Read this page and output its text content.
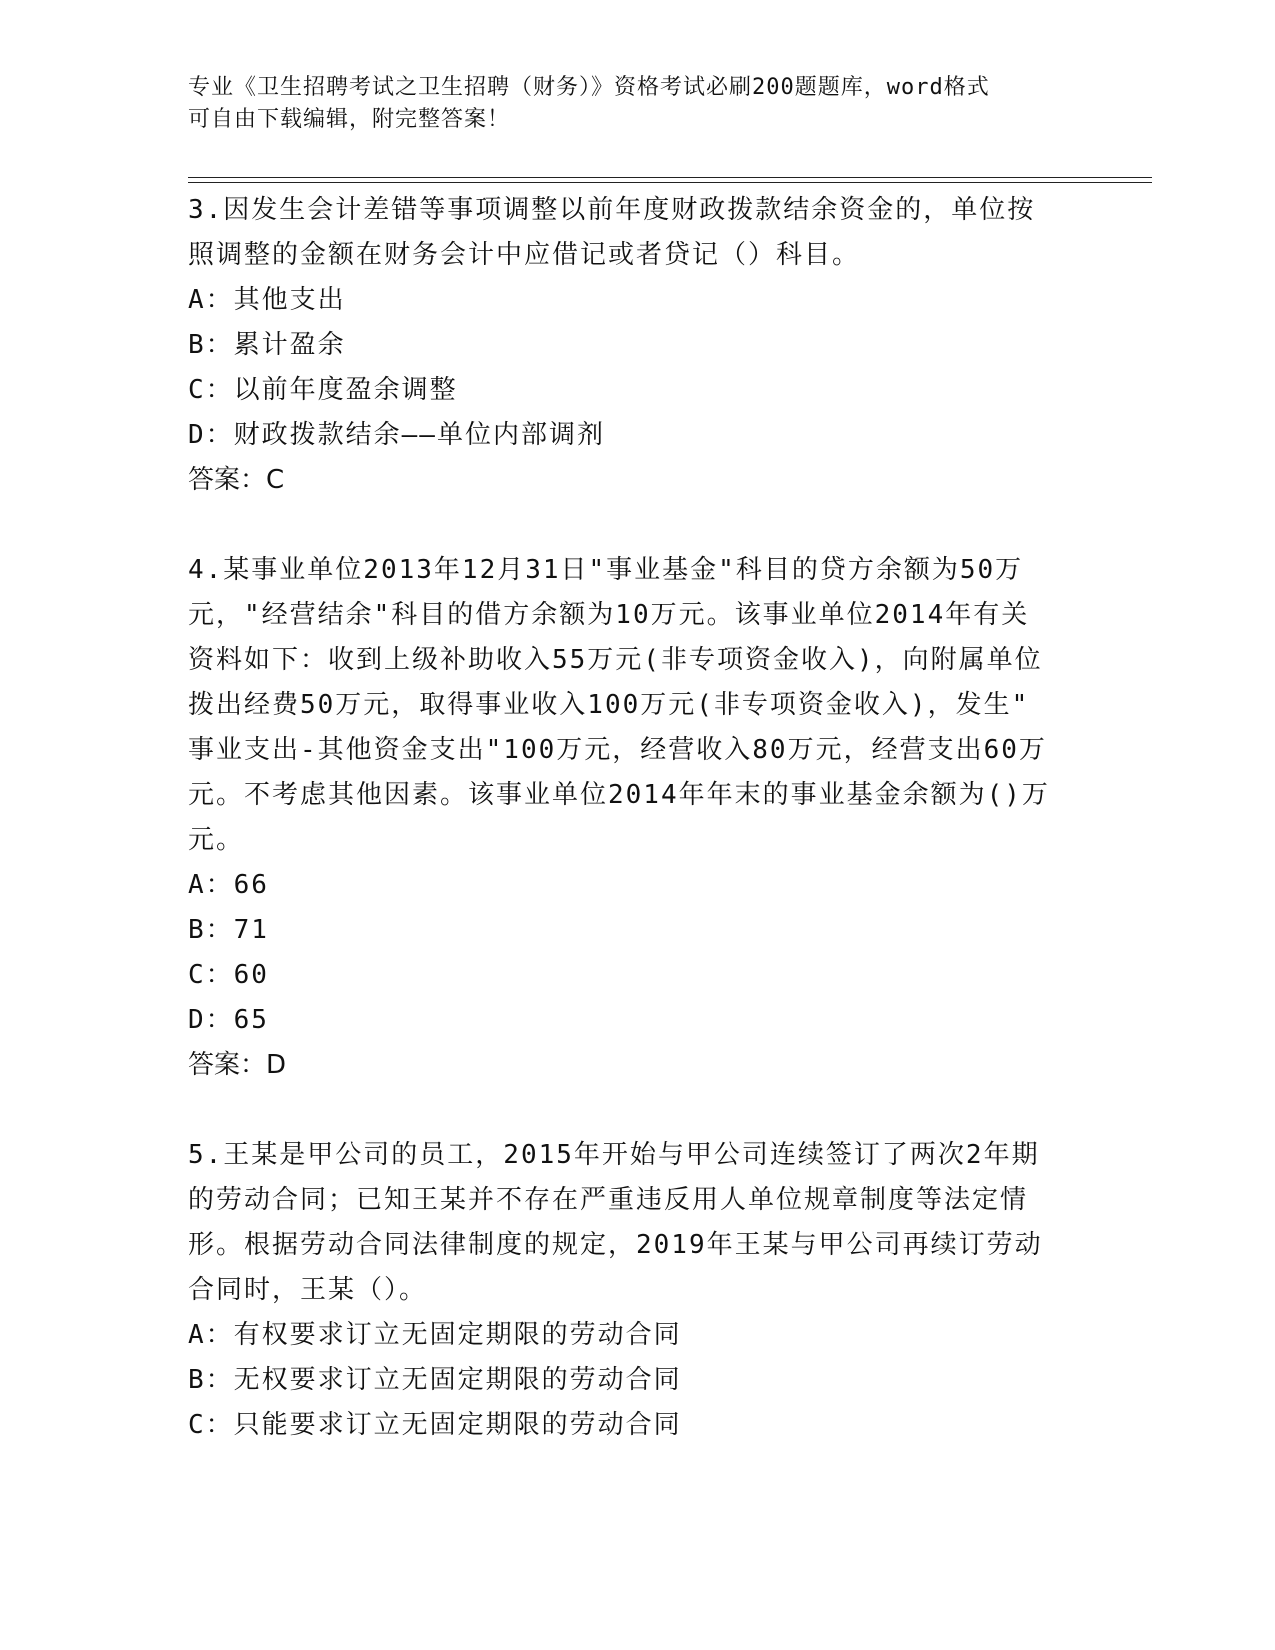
专业《卫生招聘考试之卫生招聘（财务）》资格考试必刷200题题库，word格式
可自由下载编辑，附完整答案！

3.因发生会计差错等事项调整以前年度财政拨款结余资金的，单位按

照调整的金额在财务会计中应借记或者贷记（）科目。

A：其他支出

B：累计盈余

C：以前年度盈余调整

D：财政拨款结余——单位内部调剂

答案：C

4.某事业单位2013年12月31日"事业基金"科目的贷方余额为50万

元，"经营结余"科目的借方余额为10万元。该事业单位2014年有关

资料如下：收到上级补助收入55万元(非专项资金收入)，向附属单位

拨出经费50万元，取得事业收入100万元(非专项资金收入)，发生"

事业支出-其他资金支出"100万元，经营收入80万元，经营支出60万

元。不考虑其他因素。该事业单位2014年年末的事业基金余额为()万

元。

A：66

B：71

C：60

D：65

答案：D

5.王某是甲公司的员工，2015年开始与甲公司连续签订了两次2年期

的劳动合同；已知王某并不存在严重违反用人单位规章制度等法定情

形。根据劳动合同法律制度的规定，2019年王某与甲公司再续订劳动

合同时，王某（）。

A：有权要求订立无固定期限的劳动合同

B：无权要求订立无固定期限的劳动合同

C：只能要求订立无固定期限的劳动合同
